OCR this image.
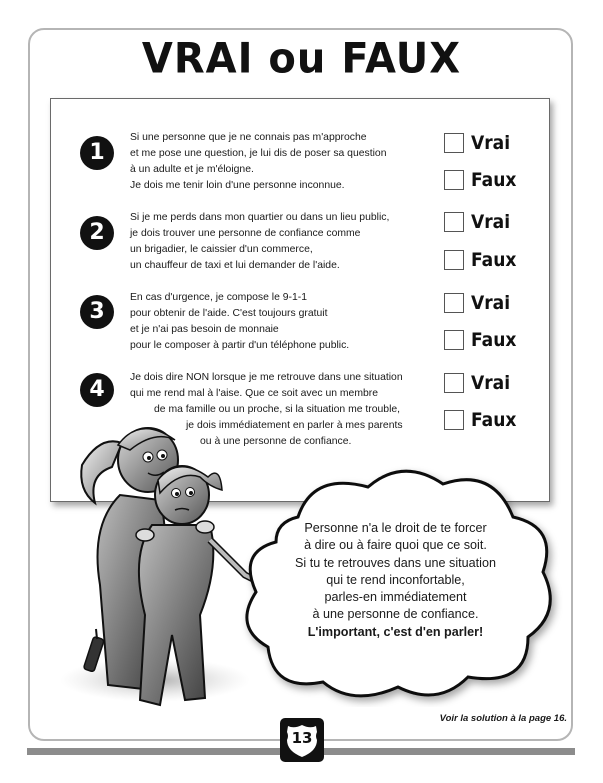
VRAI ou FAUX
1
Si une personne que je ne connais pas m'approche
et me pose une question, je lui dis de poser sa question
à un adulte et je m'éloigne.
Je dois me tenir loin d'une personne inconnue.
Vrai
Faux
2
Si je me perds dans mon quartier ou dans un lieu public,
je dois trouver une personne de confiance comme
un brigadier, le caissier d'un commerce,
un chauffeur de taxi et lui demander de l'aide.
Vrai
Faux
3
En cas d'urgence, je compose le 9-1-1
pour obtenir de l'aide. C'est toujours gratuit
et je n'ai pas besoin de monnaie
pour le composer à partir d'un téléphone public.
Vrai
Faux
4	Je dois dire NON lorsque je me retrouve dans une situation
qui me rend mal à l'aise. Que ce soit avec un membre
de ma famille ou un proche, si la situation me trouble,
je dois immédiatement en parler à mes parents
ou à une personne de confiance.
Vrai
Faux
Personne n'a le droit de te forcer
à dire ou à faire quoi que ce soit.
Si tu te retrouves dans une situation
qui te rend inconfortable,
parles-en immédiatement
à une personne de confiance.
L'important, c'est d'en parler!
Voir la solution à la page 16.
13
